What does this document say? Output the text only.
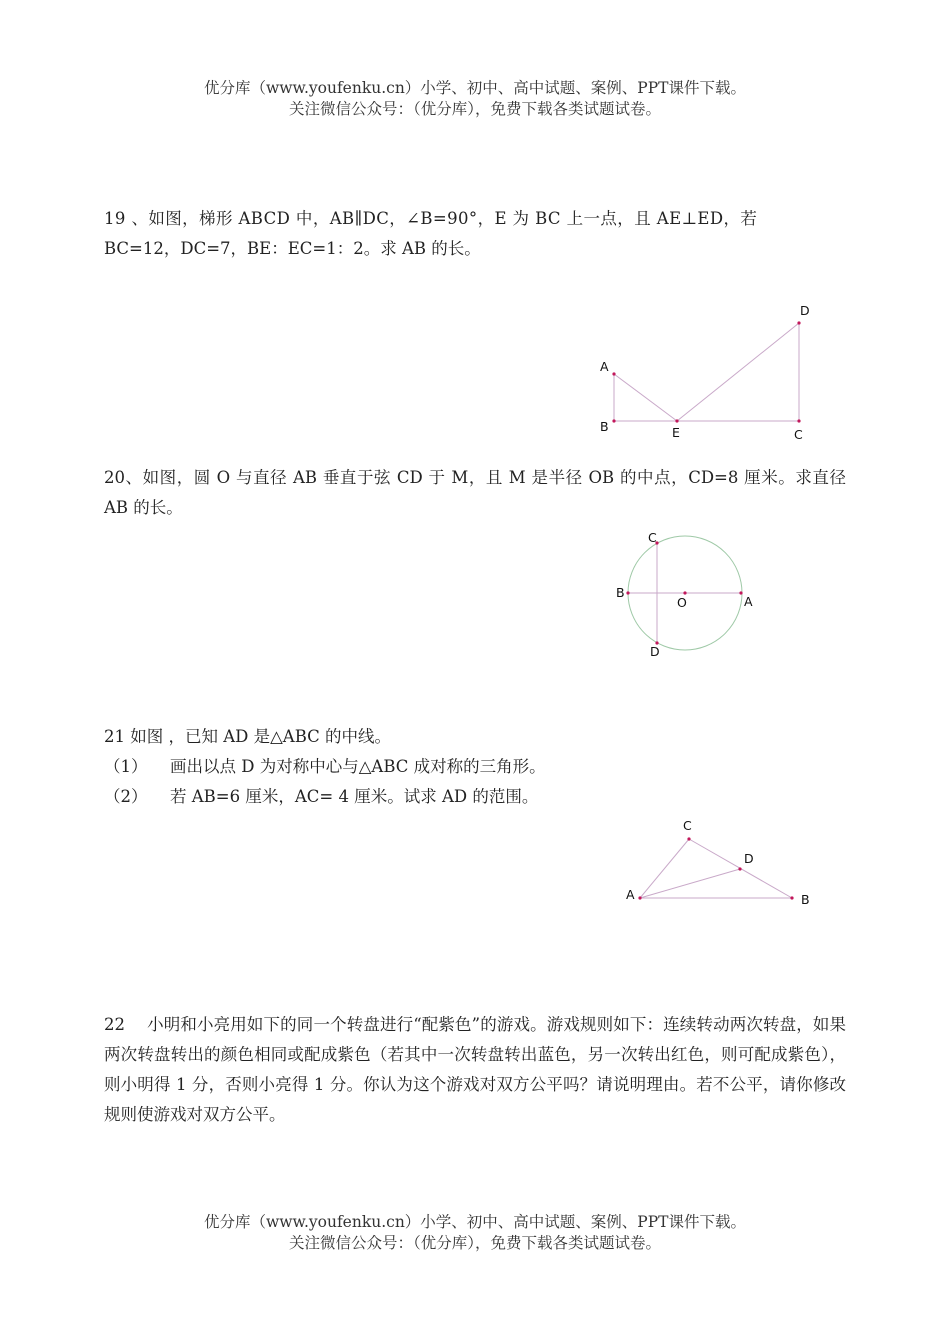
优分库（www.youfenku.cn）小学、初中、高中试题、案例、PPT课件下载。
关注微信公众号：（优分库），免费下载各类试题试卷。

19 、如图，梯形 ABCD 中，AB∥DC，∠B=90°，E 为 BC 上一点，且 AE⊥ED，若

BC=12，DC=7，BE：EC=1：2。求 AB 的长。

A
B	E	C
D

20、如图，圆 O 与直径 AB 垂直于弦 CD 于 M，且 M 是半径 OB 的中点，CD=8 厘米。求直径 AB 的长。

A
B
O
C
D

21 如图 ，已知 AD 是△ABC 的中线。

（1）	画出以点 D 为对称中心与△ABC 成对称的三角形。
（2）	若 AB=6 厘米，AC= 4 厘米。试求 AD 的范围。
A	B
C
D

22　 小明和小亮用如下的同一个转盘进行“配紫色”的游戏。游戏规则如下：连续转动两次转盘，如果两次转盘转出的颜色相同或配成紫色（若其中一次转盘转出蓝色，另一次转出红色，则可配成紫色），则小明得 1 分，否则小亮得 1 分。你认为这个游戏对双方公平吗？请说明理由。若不公平，请你修改规则使游戏对双方公平。

优分库（www.youfenku.cn）小学、初中、高中试题、案例、PPT课件下载。
关注微信公众号：（优分库），免费下载各类试题试卷。
